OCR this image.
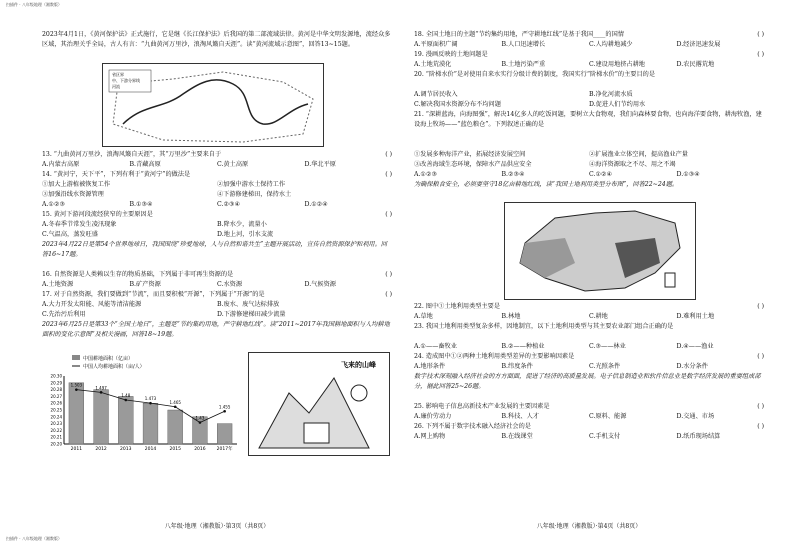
扫描件 · 八年级地理（湘教版）
2023年4月1日，《黄河保护法》正式施行，它是继《长江保护法》后我国的第二部流域法律。黄河是中华文明发源地，流经众多区域，其治理关乎全局，古人有言：“九曲黄河万里沙，浪淘风簸自天涯”。读“黄河流域示意图”，回答13~15题。
省区界
中、下游分界线
河流
13. “九曲黄河万里沙，浪淘风簸自天涯”，其“万里沙”主要来自于	( )
A.内蒙古高原	B.青藏高原	C.黄土高原	D.华北平原
14. “黄河宁，天下平”，下列有利于“黄河宁”的做法是	( )
①加大上游植被恢复工作	②加强中游水土保持工作
③加强沿线水资源管理	④下游修建梯田，保持水土
A.①②③	B.①③④	C.②③④	D.①②④
15. 黄河下游河段流经狭窄的主要原因是	( )
A.冬春季节常发生凌汛现象	B.降水少，流量小
C.气温高，蒸发旺盛	D.地上河，引水支流
2023年4月22日是第54个世界地球日，我国围绕“珍爱地球，人与自然和谐共生”主题开展活动，宣传自然资源保护和利用。回答16~17题。
16. 自然资源是人类赖以生存的物质基础，下列属于非可再生资源的是	( )
A.土地资源	B.矿产资源	C.水资源	D.气候资源
17. 对于自然资源，我们要做到“节流”，而且要积极“开源”，下列属于“开源”的是	( )
A.大力开发太阳能、风能等清洁能源	B.废水、废气达标排放
C.先治污后利用	D.下游修建梯田减少流量
2023年6月25日是第33个“全国土地日”，主题是“节约集约用地，严守耕地红线”。读“2011~2017年我国耕地面积与人均耕地面积的变化示意图”及相关漫画，回答18~19题。
中国耕地面积（亿亩）
中国人均耕地面积（亩/人）
20.30
20.29
20.28
20.27
20.26
20.25
20.24
20.23
20.22
20.21
20.20
2011
1.503
2012
1.497
2013
1.48
2014
1.473
2015
1.465
2016
1.43
2017年
1.455
飞来的山峰
八年级·地理（湘教版）·第3页（共8页）
18. 全国土地日的主题“节约集约用地，严守耕地红线”是基于我国____的国情	( )
A.平原面积广阔	B.人口迅速增长	C.人均耕地减少	D.经济迅速发展
19. 漫画反映的土地问题是	( )
A.土地荒漠化	B.土地污染严重	C.建设用地挤占耕地	D.农民撂荒地
20. “阶梯水价”是对使用自来水实行分级计费的制度，我国实行“阶梯水价”的主要目的是
A.调节居民收入	B.净化河流水质
C.解决我国水资源分布不均问题	D.促进人们节约用水
21. “深耕蓝海，向海图强”，解决14亿多人的吃饭问题，要树立大食物观，我们向森林要食物，也向海洋要食物，耕海牧渔，建设海上牧场——“蓝色粮仓”。下列叙述正确的是
①发展多种海洋产业，拓展经济发展空间	②扩展渔业立体空间，提高渔业产量
③改善海域生态环境，保障水产品供应安全	④海洋资源取之不尽、用之不竭
A.①②③	B.②③④	C.①②④	D.①③④
为确保粮食安全，必须要坚守18亿亩耕地红线，读“我国土地利用类型分布图”，回答22~24题。
22. 图中①土地利用类型主要是	( )
A.草地	B.林地	C.耕地	D.难利用土地
23. 我国土地利用类型复杂多样，因地制宜，以下土地利用类型与其主要农业部门组合正确的是
A.①——畜牧业	B.②——种植业	C.③——林业	D.④——渔业
24. 造成图中①②两种土地利用类型差异的主要影响因素是	( )
A.地形条件	B.纬度条件	C.光照条件	D.水分条件
数字技术深刻融入经济社会的方方面面，促进了经济的高质量发展。电子信息制造业和软件信息业是数字经济发展的重要组成部分，据此回答25~26题。
25. 影响电子信息高新技术产业发展的主要因素是	( )
A.廉价劳动力	B.科技、人才	C.原料、能源	D.交通、市场
26. 下列不属于数字技术融入经济社会的是	( )
A.网上购物	B.在线课堂	C.手机支付	D.纸币现场结算
八年级·地理（湘教版）·第4页（共8页）
扫描件 · 八年级地理（湘教版）
